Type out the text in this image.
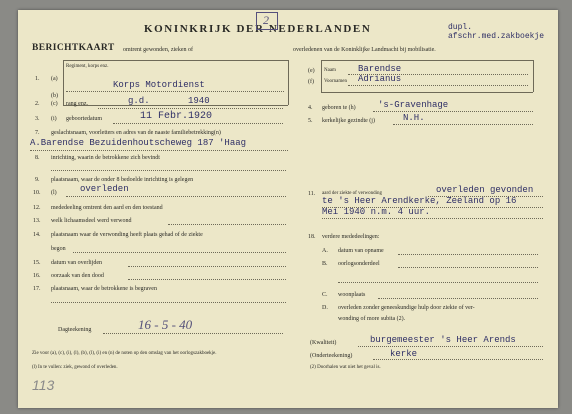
KONINKRIJK DER NEDERLANDEN
2
dupl.
afschr.med.zakboekje
BERICHTKAART omtrent gewonden, zieken of	overledenen van de Koninklijke Landmacht bij mobilisatie.
1. (a)
(b)
Regiment, korps enz.
Korps Motordienst
(e)
(f)
Naam Barendse
Voornamen Adrianus
2. (c) rang enz.	g.d.	1940
3. (i) geboortedatum	11 Febr.1920
4. geboren te (h) 's-Gravenhage
5. kerkelijke gezindte (j)	N.H.
7. geslachtsnaam, voorletters en adres van de naaste familiebetrekking(n)
A.Barendse Bezuidenhoutscheweg 187 'Haag
8. inrichting, waarin de betrokkene zich bevindt
9. plaatsnaam, waar de onder 8 bedoelde inrichting is gelegen
10. (l)	overleden
12. mededeeling omtrent den aard en den toestand
13. welk lichaamsdeel werd verwond
14. plaatsnaam waar de verwonding heeft plaats gehad of de ziekte
begon
15. datum van overlijden
16. oorzaak van den dood
17. plaatsnaam, waar de betrokkene is begraven
11. aard der ziekte of verwonding	overleden gevonden
te 's Heer Arendkerke, Zeeland op 16
Mei 1940 n.m. 4 uur.
18. verdere mededeelingen:
A. datum van opname
B. oorlogsonderdeel
C. woonplaats
D. overleden zonder geneeskundige hulp door ziekte of ver-
wonding of more subita (2).
Dagteekening	16 - 5 - 40
(Kwaliteit)	burgemeester 's Heer Arends
(Onderteekening)	kerke
(2) Doorhalen wat niet het geval is.
Zie voor (a), (c), (i), (l), (b), (l), (i) en (n) de noten op den omslag van het oorlogszakboekje.
(l) In te vullen: ziek, gewond of overleden.
113
